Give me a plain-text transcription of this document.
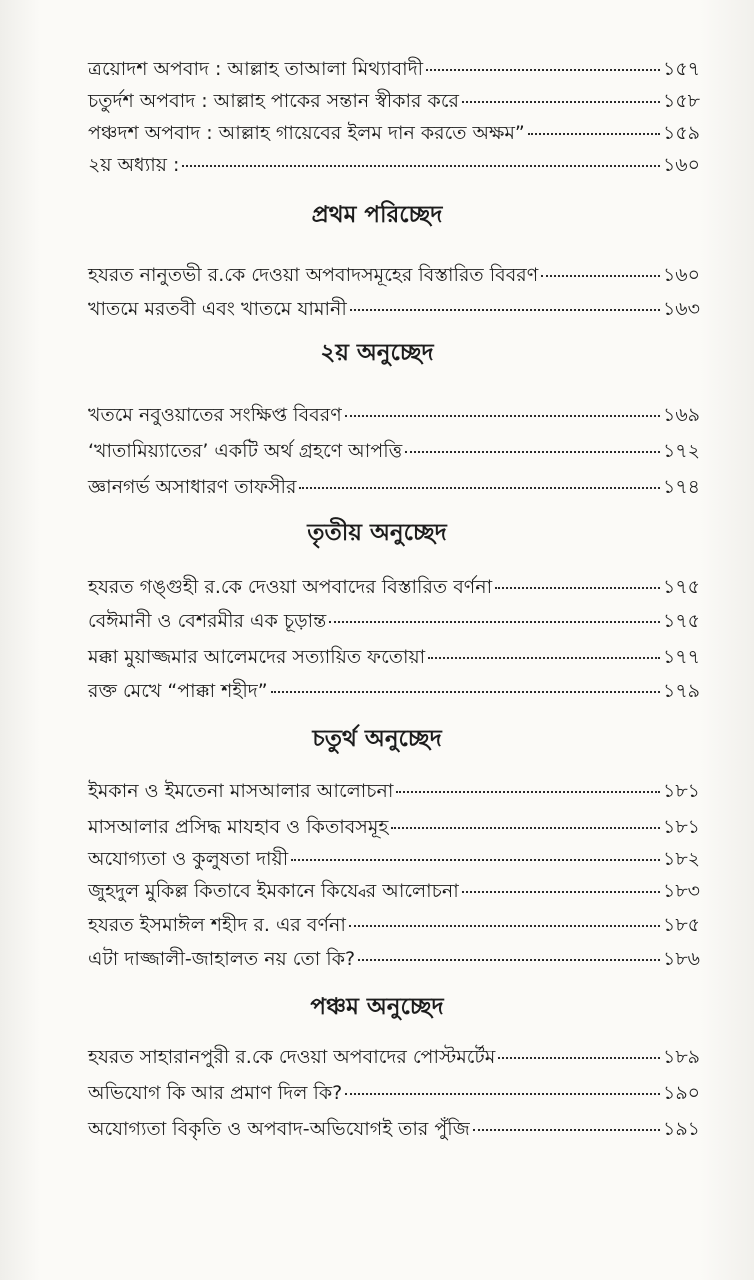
ত্রয়োদশ অপবাদ : আল্লাহ তাআলা মিথ্যাবাদী	১৫৭
চতুর্দশ অপবাদ : আল্লাহ পাকের সন্তান স্বীকার করে	১৫৮
পঞ্চদশ অপবাদ : আল্লাহ গায়েবের ইলম দান করতে অক্ষম”	১৫৯
২য় অধ্যায় :	১৬০
প্রথম পরিচ্ছেদ
হযরত নানুতভী র.কে দেওয়া অপবাদসমূহের বিস্তারিত বিবরণ	১৬০
খাতমে মরতবী এবং খাতমে যামানী	১৬৩
২য় অনুচ্ছেদ
খতমে নবুওয়াতের সংক্ষিপ্ত বিবরণ	১৬৯
‘খাতামিয়্যাতের’ একটি অর্থ গ্রহণে আপত্তি	১৭২
জ্ঞানগর্ভ অসাধারণ তাফসীর	১৭৪
তৃতীয় অনুচ্ছেদ
হযরত গঙ্গুহী র.কে দেওয়া অপবাদের বিস্তারিত বর্ণনা	১৭৫
বেঈমানী ও বেশরমীর এক চূড়ান্ত	১৭৫
মক্কা মুয়াজ্জমার আলেমদের সত্যায়িত ফতোয়া	১৭৭
রক্ত মেখে “পাক্কা শহীদ”	১৭৯
চতুর্থ অনুচ্ছেদ
ইমকান ও ইমতেনা মাসআলার আলোচনা	১৮১
মাসআলার প্রসিদ্ধ মাযহাব ও কিতাবসমূহ	১৮১
অযোগ্যতা ও কুলুষতা দায়ী	১৮২
জুহদুল মুকিল্ল কিতাবে ইমকানে কিয্বের আলোচনা	১৮৩
হযরত ইসমাঈল শহীদ র. এর বর্ণনা	১৮৫
এটা দাজ্জালী-জাহালত নয় তো কি?	১৮৬
পঞ্চম অনুচ্ছেদ
হযরত সাহারানপুরী র.কে দেওয়া অপবাদের পোস্টমর্টেম	১৮৯
অভিযোগ কি আর প্রমাণ দিল কি?	১৯০
অযোগ্যতা বিকৃতি ও অপবাদ-অভিযোগই তার পুঁজি	১৯১
